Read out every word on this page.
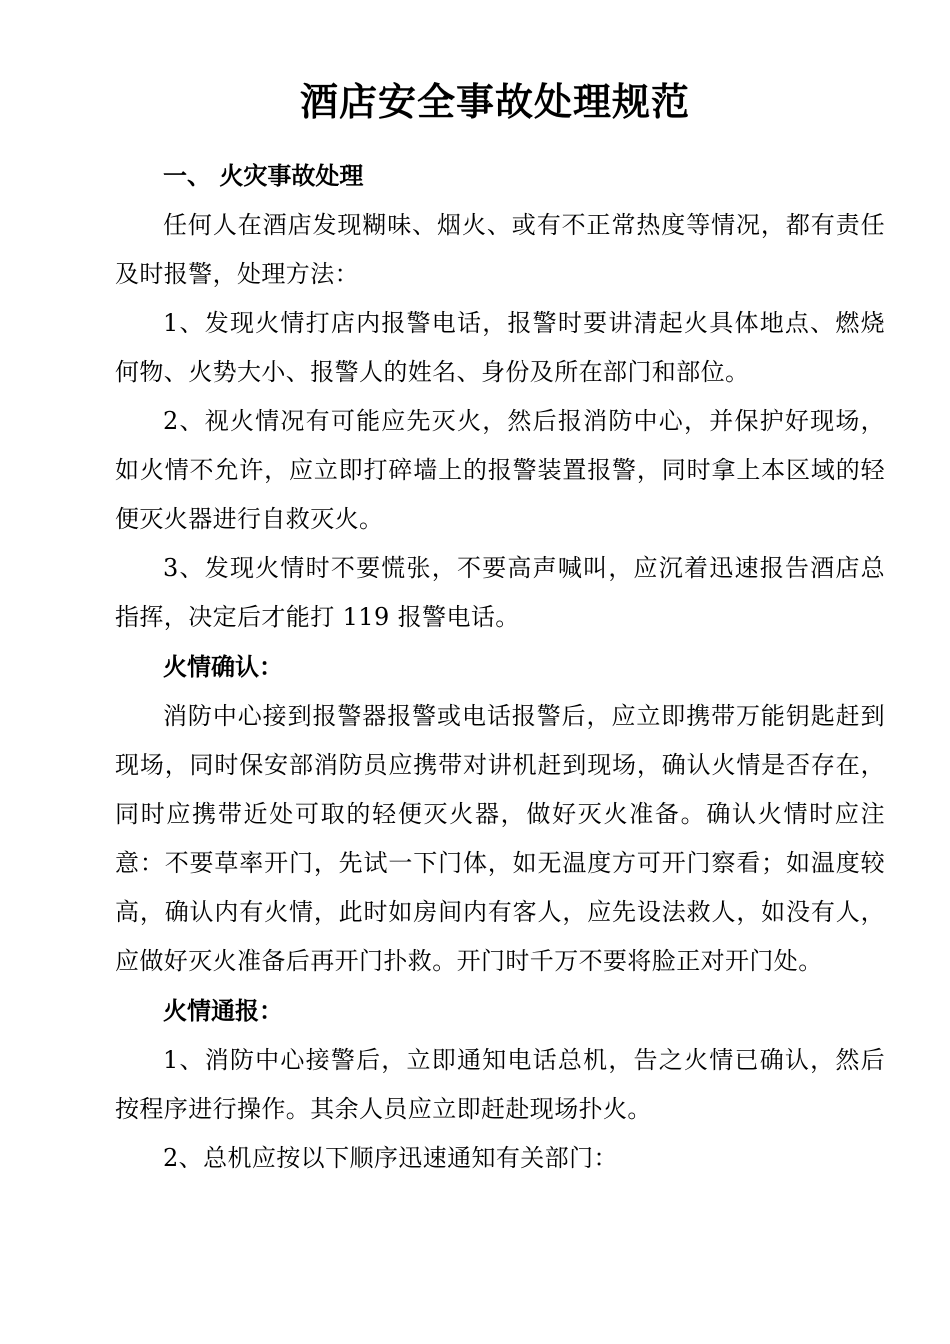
酒店安全事故处理规范

一、 火灾事故处理

任何人在酒店发现糊味、烟火、或有不正常热度等情况，都有责任及时报警，处理方法：

1、发现火情打店内报警电话，报警时要讲清起火具体地点、燃烧何物、火势大小、报警人的姓名、身份及所在部门和部位。

2、视火情况有可能应先灭火，然后报消防中心，并保护好现场，如火情不允许，应立即打碎墙上的报警装置报警，同时拿上本区域的轻便灭火器进行自救灭火。

3、发现火情时不要慌张，不要高声喊叫，应沉着迅速报告酒店总指挥，决定后才能打 119 报警电话。

火情确认：

消防中心接到报警器报警或电话报警后，应立即携带万能钥匙赶到现场，同时保安部消防员应携带对讲机赶到现场，确认火情是否存在，同时应携带近处可取的轻便灭火器，做好灭火准备。确认火情时应注意：不要草率开门，先试一下门体，如无温度方可开门察看；如温度较高，确认内有火情，此时如房间内有客人，应先设法救人，如没有人，应做好灭火准备后再开门扑救。开门时千万不要将脸正对开门处。

火情通报：

1、消防中心接警后，立即通知电话总机，告之火情已确认，然后按程序进行操作。其余人员应立即赶赴现场扑火。

2、总机应按以下顺序迅速通知有关部门：
